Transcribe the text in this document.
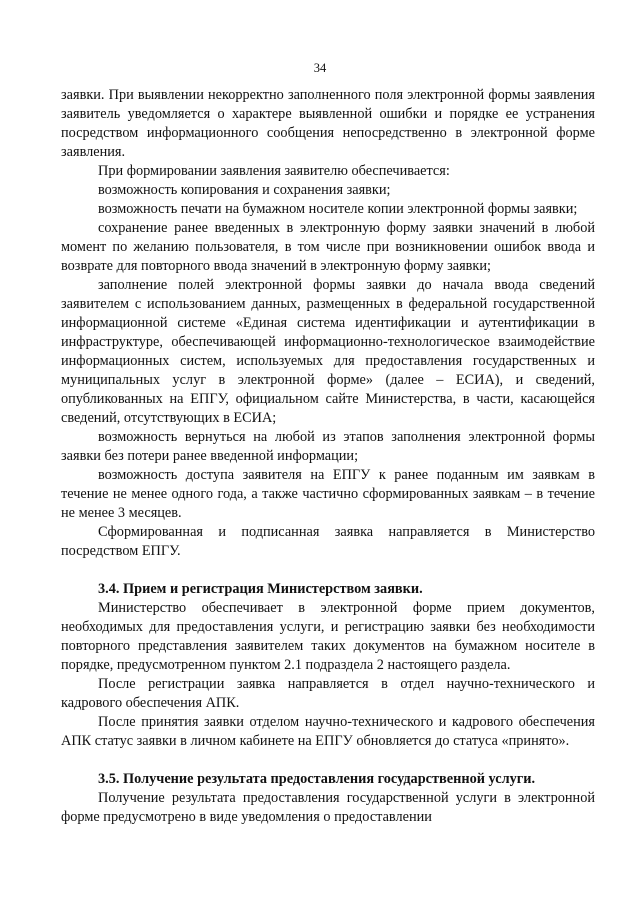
34

заявки. При выявлении некорректно заполненного поля электронной формы заявления заявитель уведомляется о характере выявленной ошибки и порядке ее устранения посредством информационного сообщения непосредственно в электронной форме заявления.

При формировании заявления заявителю обеспечивается:

возможность копирования и сохранения заявки;

возможность печати на бумажном носителе копии электронной формы заявки;

сохранение ранее введенных в электронную форму заявки значений в любой момент по желанию пользователя, в том числе при возникновении ошибок ввода и возврате для повторного ввода значений в электронную форму заявки;

заполнение полей электронной формы заявки до начала ввода сведений заявителем с использованием данных, размещенных в федеральной государственной информационной системе «Единая система идентификации и аутентификации в инфраструктуре, обеспечивающей информационно-технологическое взаимодействие информационных систем, используемых для предоставления государственных и муниципальных услуг в электронной форме» (далее – ЕСИА), и сведений, опубликованных на ЕПГУ, официальном сайте Министерства, в части, касающейся сведений, отсутствующих в ЕСИА;

возможность вернуться на любой из этапов заполнения электронной формы заявки без потери ранее введенной информации;

возможность доступа заявителя на ЕПГУ к ранее поданным им заявкам в течение не менее одного года, а также частично сформированных заявкам – в течение не менее 3 месяцев.

Сформированная и подписанная заявка направляется в Министерство посредством ЕПГУ.

3.4. Прием и регистрация Министерством заявки.

Министерство обеспечивает в электронной форме прием документов, необходимых для предоставления услуги, и регистрацию заявки без необходимости повторного представления заявителем таких документов на бумажном носителе в порядке, предусмотренном пунктом 2.1 подраздела 2 настоящего раздела.

После регистрации заявка направляется в отдел научно-технического и кадрового обеспечения АПК.

После принятия заявки отделом научно-технического и кадрового обеспечения АПК статус заявки в личном кабинете на ЕПГУ обновляется до статуса «принято».

3.5. Получение результата предоставления государственной услуги.

Получение результата предоставления государственной услуги в электронной форме предусмотрено в виде уведомления о предоставлении
